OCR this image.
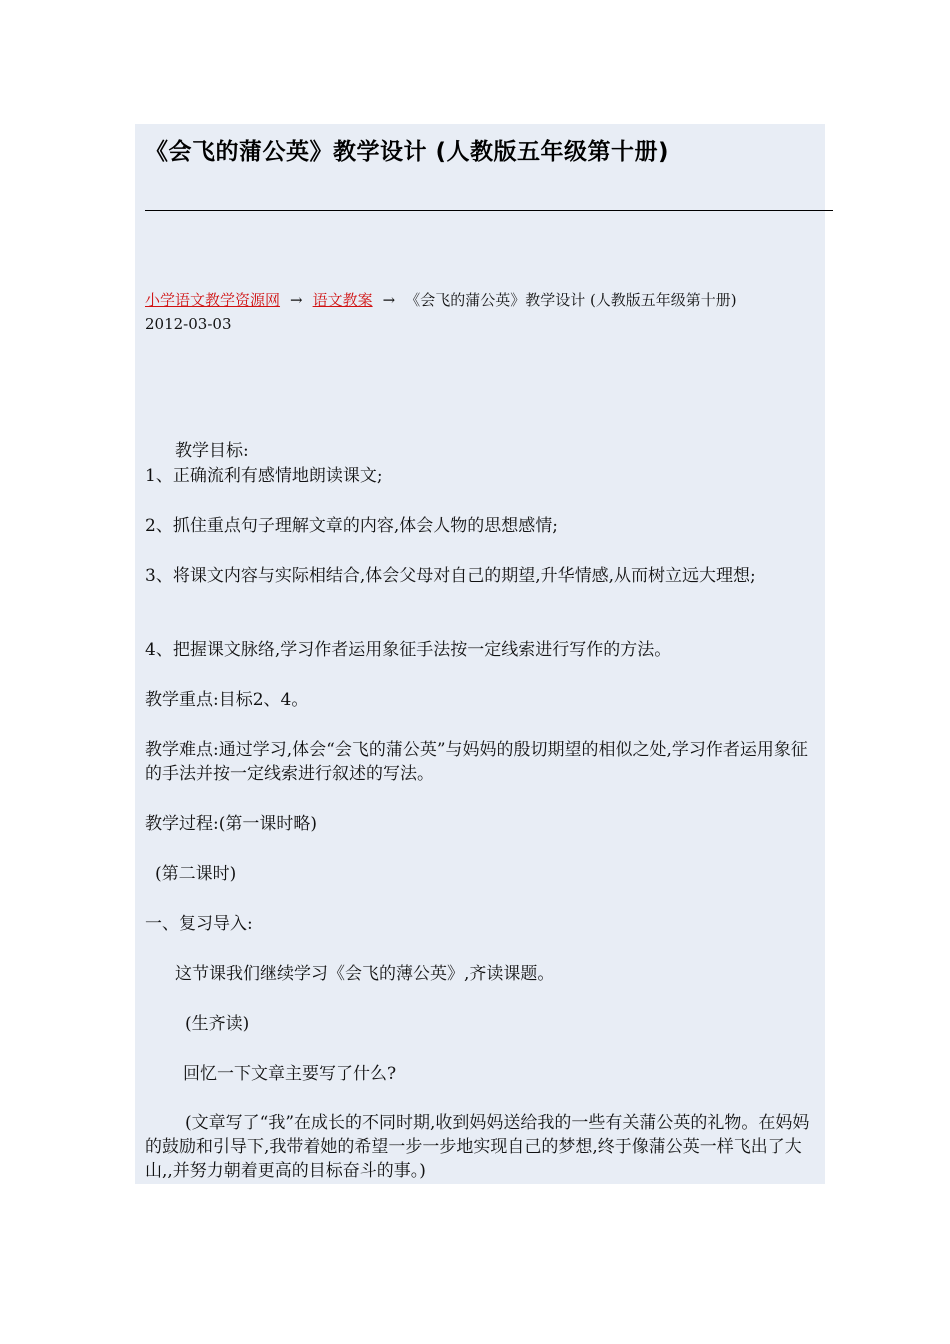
《会飞的蒲公英》教学设计 (人教版五年级第十册)
小学语文教学资源网 → 语文教案 → 《会飞的蒲公英》教学设计 (人教版五年级第十册)
2012-03-03
教学目标:
1、正确流利有感情地朗读课文;
2、抓住重点句子理解文章的内容,体会人物的思想感情;
3、将课文内容与实际相结合,体会父母对自己的期望,升华情感,从而树立远大理想;
4、把握课文脉络,学习作者运用象征手法按一定线索进行写作的方法。
教学重点:目标2、4。
教学难点:通过学习,体会“会飞的蒲公英”与妈妈的殷切期望的相似之处,学习作者运用象征的手法并按一定线索进行叙述的写法。
教学过程:(第一课时略)
(第二课时)
一、复习导入:
这节课我们继续学习《会飞的薄公英》,齐读课题。
(生齐读)
回忆一下文章主要写了什么?
(文章写了“我”在成长的不同时期,收到妈妈送给我的一些有关蒲公英的礼物。在妈妈的鼓励和引导下,我带着她的希望一步一步地实现自己的梦想,终于像蒲公英一样飞出了大山,,并努力朝着更高的目标奋斗的事。)
